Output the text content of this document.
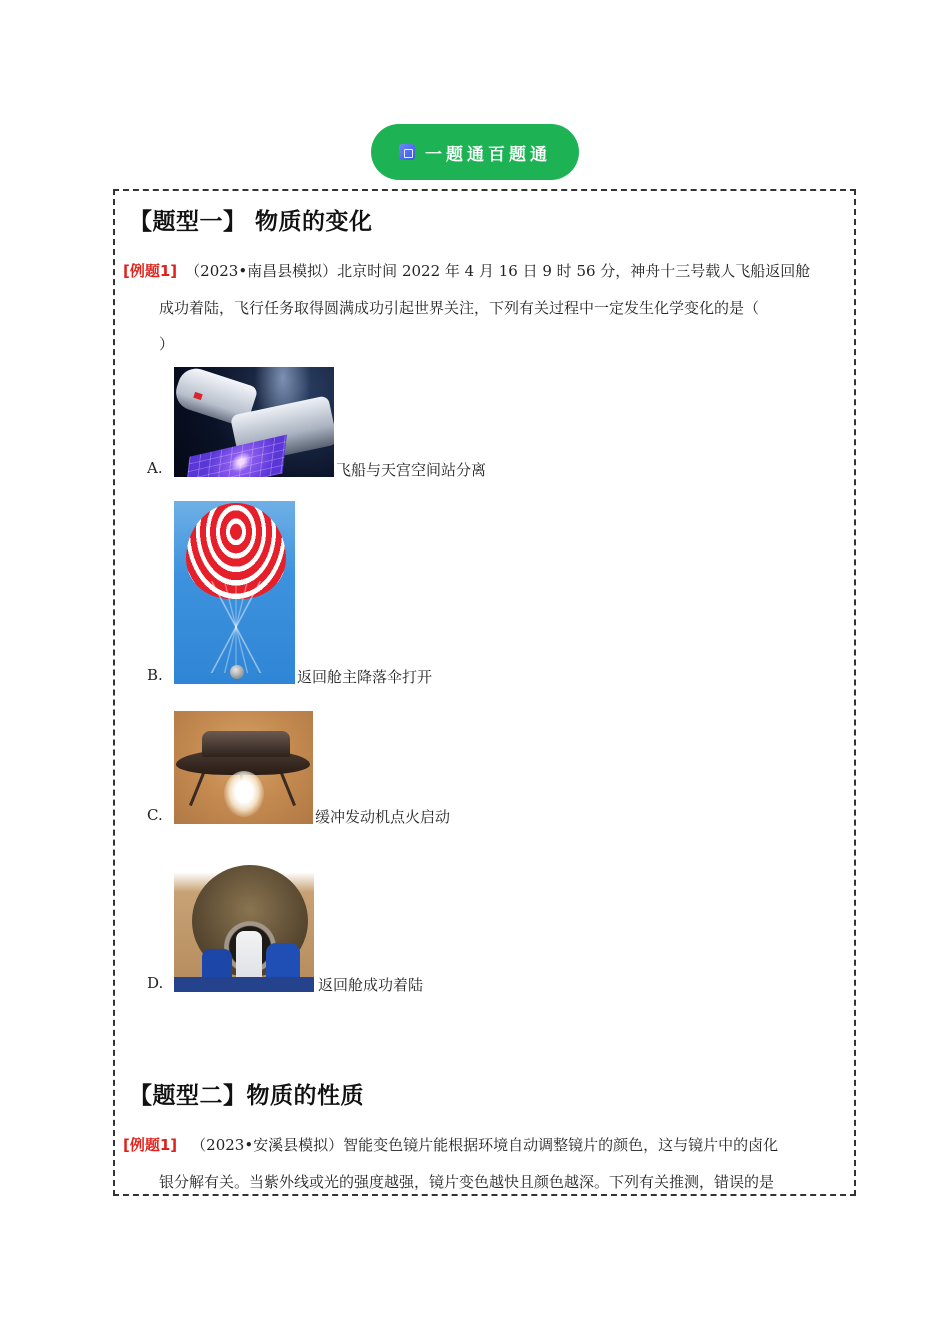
一题通百题通
【题型一】 物质的变化
[例题1] （2023•南昌县模拟）北京时间 2022 年 4 月 16 日 9 时 56 分，神舟十三号载人飞船返回舱
成功着陆，飞行任务取得圆满成功引起世界关注，下列有关过程中一定发生化学变化的是（
）
A.	飞船与天宫空间站分离
B.	返回舱主降落伞打开
C.	缓冲发动机点火启动
D.	返回舱成功着陆
【题型二】物质的性质
[例题1] （2023•安溪县模拟）智能变色镜片能根据环境自动调整镜片的颜色，这与镜片中的卤化
银分解有关。当紫外线或光的强度越强，镜片变色越快且颜色越深。下列有关推测，错误的是
